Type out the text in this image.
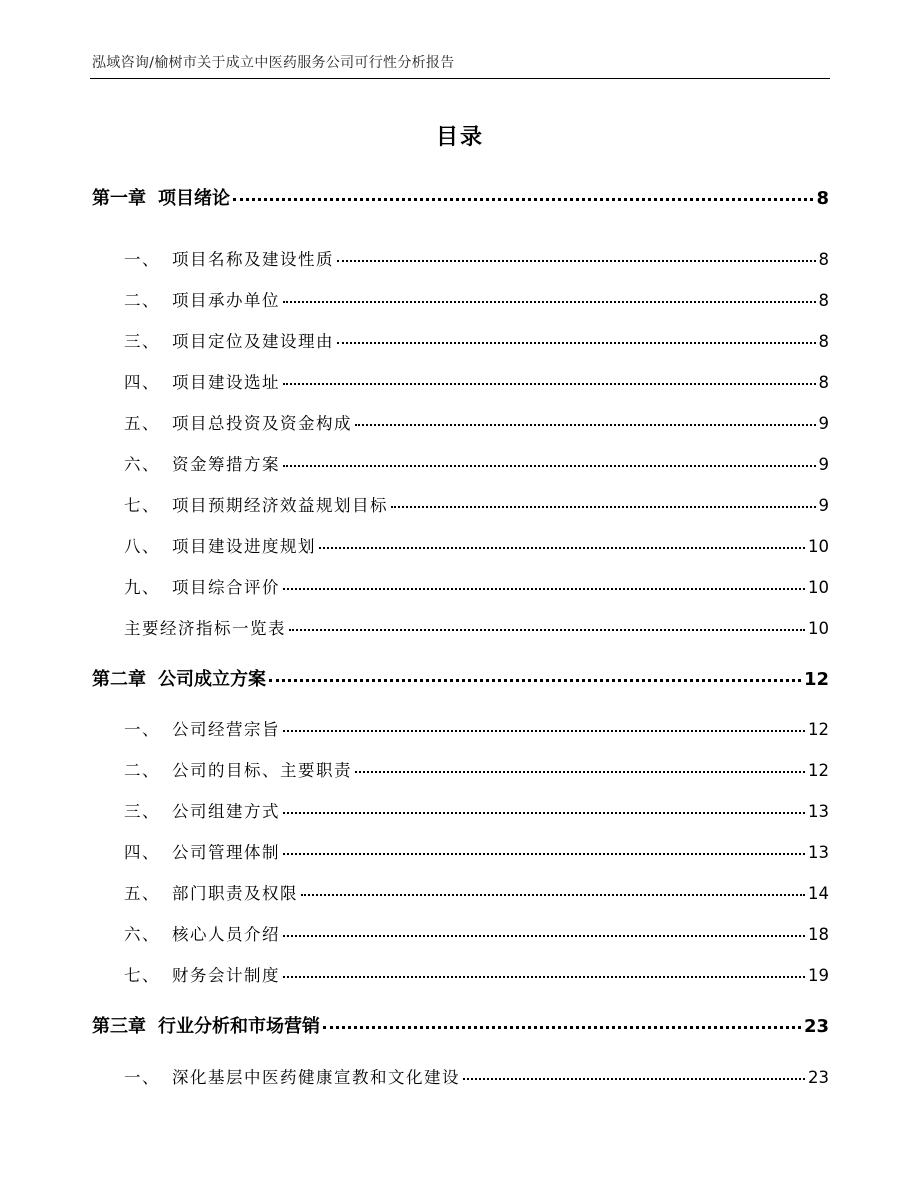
泓域咨询/榆树市关于成立中医药服务公司可行性分析报告
目录
第一章 项目绪论	8
一、 项目名称及建设性质	8
二、 项目承办单位	8
三、 项目定位及建设理由	8
四、 项目建设选址	8
五、 项目总投资及资金构成	9
六、 资金筹措方案	9
七、 项目预期经济效益规划目标	9
八、 项目建设进度规划	10
九、 项目综合评价	10
主要经济指标一览表	10
第二章 公司成立方案	12
一、 公司经营宗旨	12
二、 公司的目标、主要职责	12
三、 公司组建方式	13
四、 公司管理体制	13
五、 部门职责及权限	14
六、 核心人员介绍	18
七、 财务会计制度	19
第三章 行业分析和市场营销	23
一、 深化基层中医药健康宣教和文化建设	23
